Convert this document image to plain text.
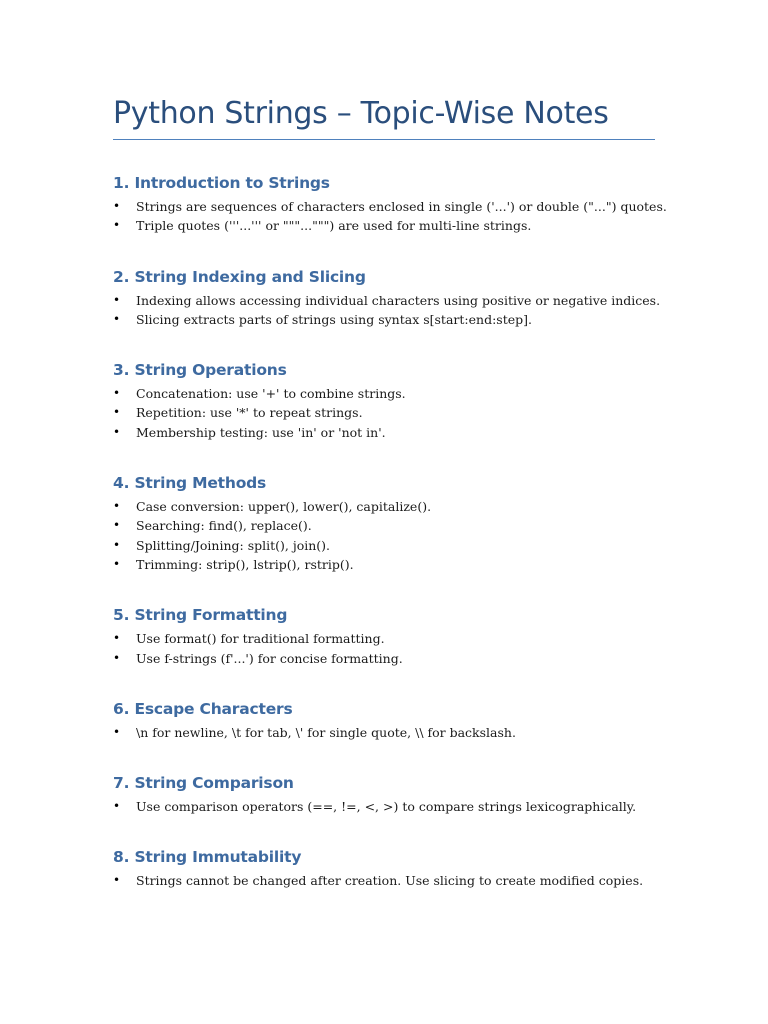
Python Strings – Topic-Wise Notes
1. Introduction to Strings
• Strings are sequences of characters enclosed in single ('...') or double ("...") quotes.
• Triple quotes ('''...''' or """...""") are used for multi-line strings.
2. String Indexing and Slicing
• Indexing allows accessing individual characters using positive or negative indices.
• Slicing extracts parts of strings using syntax s[start:end:step].
3. String Operations
• Concatenation: use '+' to combine strings.
• Repetition: use '*' to repeat strings.
• Membership testing: use 'in' or 'not in'.
4. String Methods
• Case conversion: upper(), lower(), capitalize().
• Searching: find(), replace().
• Splitting/Joining: split(), join().
• Trimming: strip(), lstrip(), rstrip().
5. String Formatting
• Use format() for traditional formatting.
• Use f-strings (f'...') for concise formatting.
6. Escape Characters
• \n for newline, \t for tab, \' for single quote, \\ for backslash.
7. String Comparison
• Use comparison operators (==, !=, <, >) to compare strings lexicographically.
8. String Immutability
• Strings cannot be changed after creation. Use slicing to create modified copies.
